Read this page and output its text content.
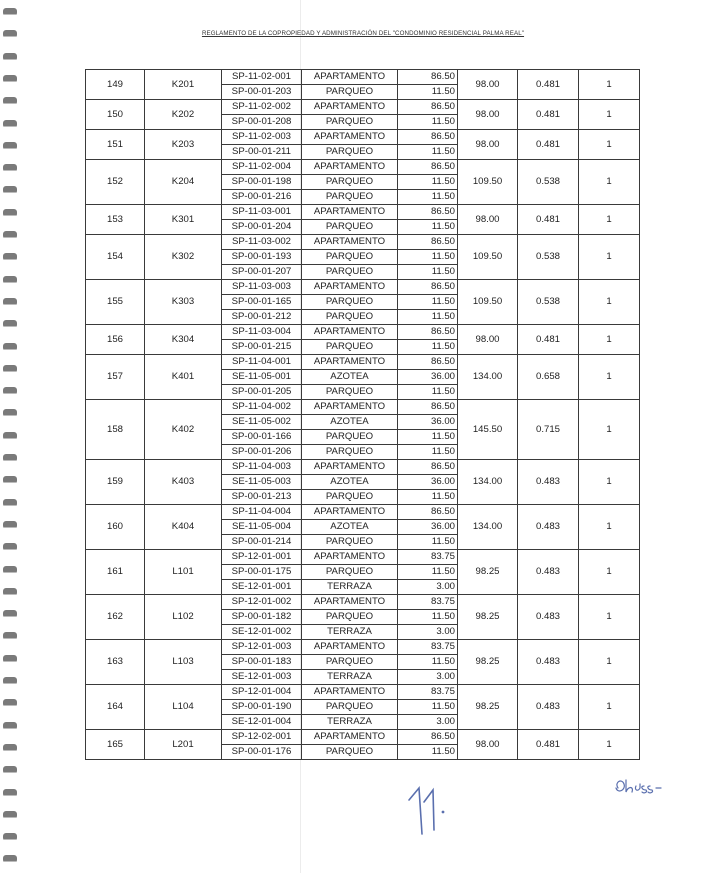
REGLAMENTO DE LA COPROPIEDAD Y ADMINISTRACIÓN DEL "CONDOMINIO RESIDENCIAL PALMA REAL"
149	K201	SP-11-02-001	APARTAMENTO	86.50	98.00	0.481	1
		SP-00-01-203	PARQUEO	11.50			
150	K202	SP-11-02-002	APARTAMENTO	86.50	98.00	0.481	1
		SP-00-01-208	PARQUEO	11.50			
151	K203	SP-11-02-003	APARTAMENTO	86.50	98.00	0.481	1
		SP-00-01-211	PARQUEO	11.50			
152	K204	SP-11-02-004	APARTAMENTO	86.50	109.50	0.538	1
		SP-00-01-198	PARQUEO	11.50			
		SP-00-01-216	PARQUEO	11.50			
153	K301	SP-11-03-001	APARTAMENTO	86.50	98.00	0.481	1
		SP-00-01-204	PARQUEO	11.50			
154	K302	SP-11-03-002	APARTAMENTO	86.50	109.50	0.538	1
		SP-00-01-193	PARQUEO	11.50			
		SP-00-01-207	PARQUEO	11.50			
155	K303	SP-11-03-003	APARTAMENTO	86.50	109.50	0.538	1
		SP-00-01-165	PARQUEO	11.50			
		SP-00-01-212	PARQUEO	11.50			
156	K304	SP-11-03-004	APARTAMENTO	86.50	98.00	0.481	1
		SP-00-01-215	PARQUEO	11.50			
157	K401	SP-11-04-001	APARTAMENTO	86.50	134.00	0.658	1
		SE-11-05-001	AZOTEA	36.00			
		SP-00-01-205	PARQUEO	11.50			
158	K402	SP-11-04-002	APARTAMENTO	86.50	145.50	0.715	1
		SE-11-05-002	AZOTEA	36.00			
		SP-00-01-166	PARQUEO	11.50			
		SP-00-01-206	PARQUEO	11.50			
159	K403	SP-11-04-003	APARTAMENTO	86.50	134.00	0.483	1
		SE-11-05-003	AZOTEA	36.00			
		SP-00-01-213	PARQUEO	11.50			
160	K404	SP-11-04-004	APARTAMENTO	86.50	134.00	0.483	1
		SE-11-05-004	AZOTEA	36.00			
		SP-00-01-214	PARQUEO	11.50			
161	L101	SP-12-01-001	APARTAMENTO	83.75	98.25	0.483	1
		SP-00-01-175	PARQUEO	11.50			
		SE-12-01-001	TERRAZA	3.00			
162	L102	SP-12-01-002	APARTAMENTO	83.75	98.25	0.483	1
		SP-00-01-182	PARQUEO	11.50			
		SE-12-01-002	TERRAZA	3.00			
163	L103	SP-12-01-003	APARTAMENTO	83.75	98.25	0.483	1
		SP-00-01-183	PARQUEO	11.50			
		SE-12-01-003	TERRAZA	3.00			
164	L104	SP-12-01-004	APARTAMENTO	83.75	98.25	0.483	1
		SP-00-01-190	PARQUEO	11.50			
		SE-12-01-004	TERRAZA	3.00			
165	L201	SP-12-02-001	APARTAMENTO	86.50	98.00	0.481	1
		SP-00-01-176	PARQUEO	11.50			
